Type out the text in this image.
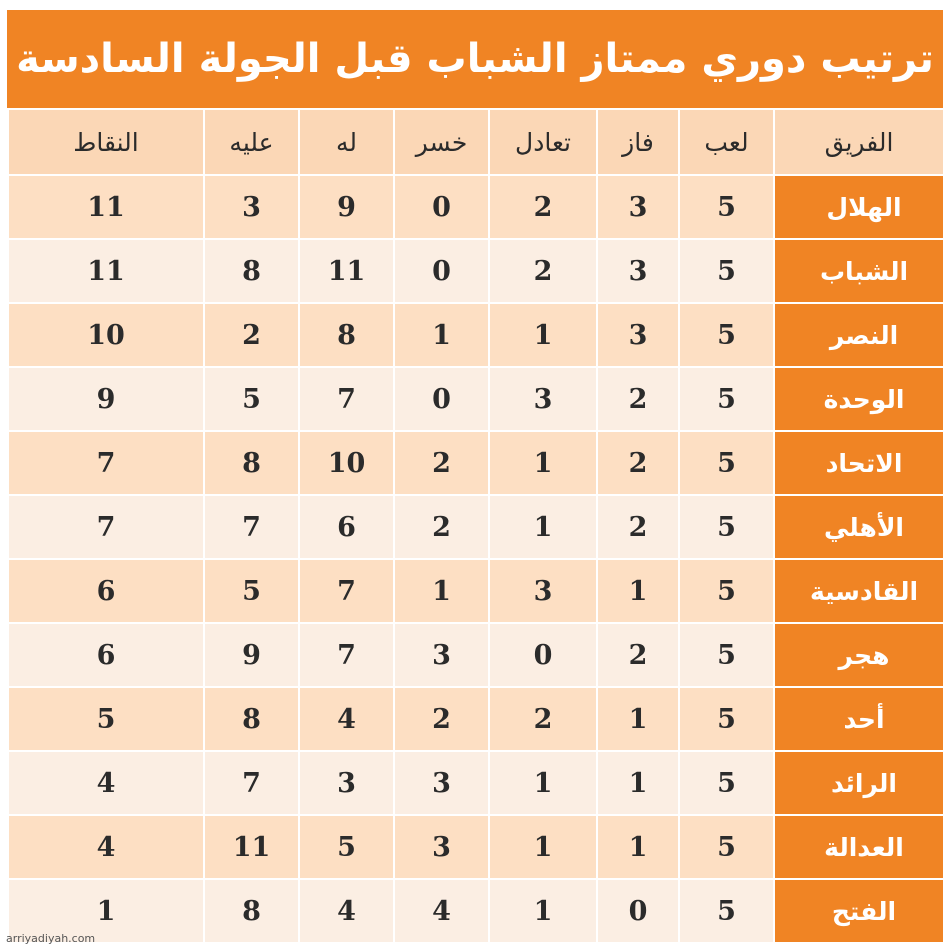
ترتيب دوري ممتاز الشباب قبل الجولة السادسة
الفريق	لعب	فاز	تعادل	خسر	له	عليه	النقاط
الهلال	5	3	2	0	9	3	11
الشباب	5	3	2	0	11	8	11
النصر	5	3	1	1	8	2	10
الوحدة	5	2	3	0	7	5	9
الاتحاد	5	2	1	2	10	8	7
الأهلي	5	2	1	2	6	7	7
القادسية	5	1	3	1	7	5	6
هجر	5	2	0	3	7	9	6
أحد	5	1	2	2	4	8	5
الرائد	5	1	1	3	3	7	4
العدالة	5	1	1	3	5	11	4
الفتح	5	0	1	4	4	8	1
arriyadiyah.com
